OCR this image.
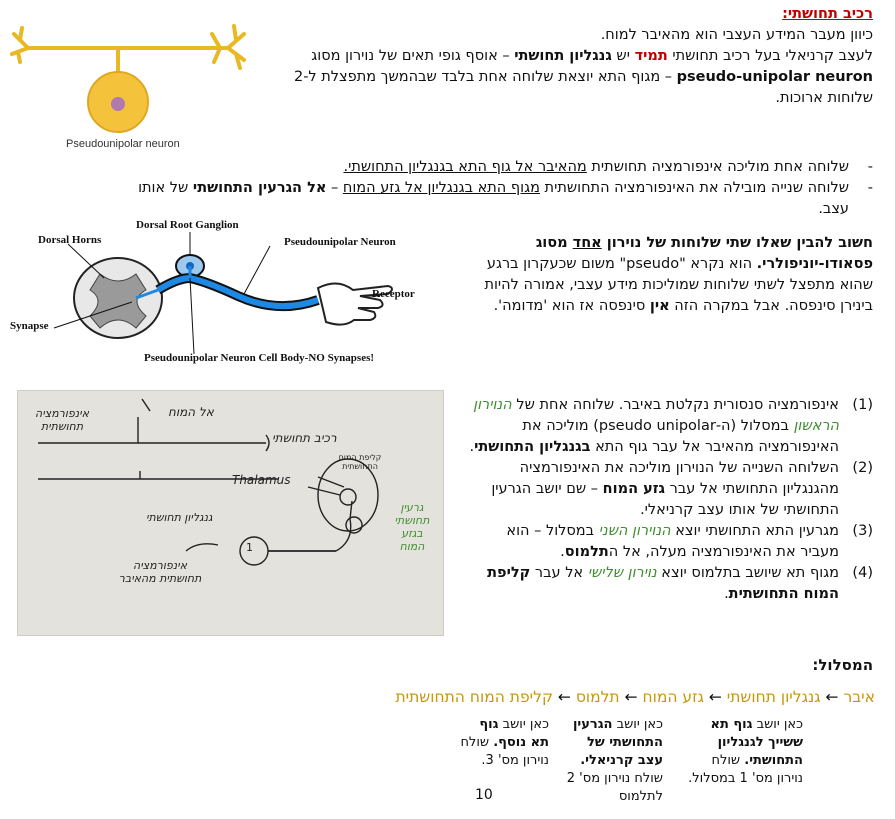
רכיב תחושתי:
כיוון מעבר המידע העצבי הוא מהאיבר למוח.
לעצב קרניאלי בעל רכיב תחושתי תמיד יש גנגליון תחושתי – אוסף גופי תאים של נוירון מסוג
pseudo-unipolar neuron – מגוף התא יוצאת שלוחה אחת בלבד שבהמשך מתפצלת ל-2 שלוחות ארוכות.
Pseudounipolar neuron
-
שלוחה אחת מוליכה אינפורמציה תחושתית מהאיבר אל גוף התא בגנגליון התחושתי.
-
שלוחה שנייה מובילה את האינפורמציה התחושתית מגוף התא בגנגליון אל גזע המוח – אל הגרעין התחושתי של אותו עצב.
Dorsal Root Ganglion
Dorsal Horns	Pseudounipolar Neuron
Receptor
Synapse
Pseudounipolar Neuron Cell Body-NO Synapses!
חשוב להבין שאלו שתי שלוחות של נוירון אחד מסוג פסאודו-יוניפולרי. הוא נקרא "pseudo" משום שכעקרון ברגע שהוא מתפצל לשתי שלוחות שמוליכות מידע עצבי, אמורה להיות בינירן סינפסה. אבל במקרה הזה אין סינפסה אז הוא 'מדומה'.
אל המוח
אינפורמציה תחושתית
רכיב תחושתי
קליפת המוח התחושתית
Thalamus
גנגליון תחושתי
1
אינפורמציה תחושתית מהאיבר
גרעין תחושתי בגזע המוח
(1)
אינפורמציה סנסורית נקלטת באיבר. שלוחה אחת של הנוירון הראשון במסלול (ה-pseudo unipolar) מוליכה את האינפורמציה מהאיבר אל עבר גוף התא בגנגליון התחושתי.
(2)
השלוחה השנייה של הנוירון מוליכה את האינפורמציה מהגנגליון התחושתי אל עבר גזע המוח – שם יושב הגרעין התחושתי של אותו עצב קרניאלי.
(3)
מגרעין התא התחושתי יוצא הנוירון השני במסלול – הוא מעביר את האינפורמציה מעלה, אל התלמוס.
(4)
מגוף תא שיושב בתלמוס יוצא נוירון שלישי אל עבר קליפת המוח התחושתית.
המסלול:
איבר ← גנגליון תחושתי ← גזע המוח ← תלמוס ← קליפת המוח התחושתית
כאן יושב גוף תא ששייך לגנגליון התחושתי. שולח נוירון מס' 1 במסלול.
כאן יושב הגרעין התחושתי של עצב קרניאלי. שולח נוירון מס' 2 לתלמוס
כאן יושב גוף תא נוסף. שולח נוירון מס' 3.
10
